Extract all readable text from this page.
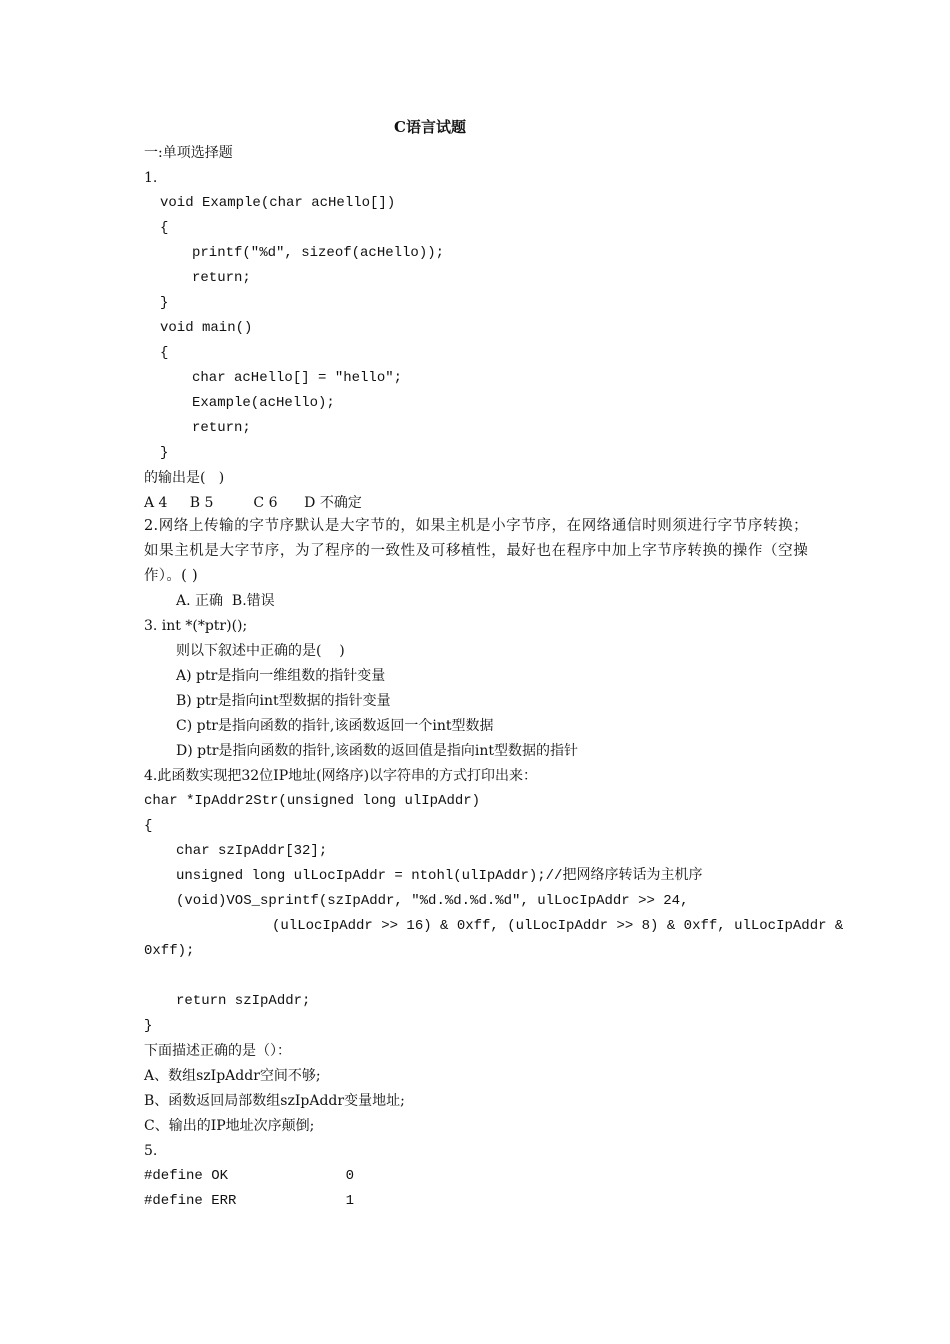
C语言试题
一:单项选择题
1.
void Example(char acHello[])
{
printf("%d", sizeof(acHello));
return;
}
void main()
{
char acHello[] = "hello";
Example(acHello);
return;
}
的输出是(   )
A 4     B 5         C 6      D 不确定
2.网络上传输的字节序默认是大字节的，如果主机是小字节序，在网络通信时则须进行字节序转换；如果主机是大字节序，为了程序的一致性及可移植性，最好也在程序中加上字节序转换的操作（空操作）。( )
A. 正确  B.错误
3. int *(*ptr)();
则以下叙述中正确的是(    )
A) ptr是指向一维组数的指针变量
B) ptr是指向int型数据的指针变量
C) ptr是指向函数的指针,该函数返回一个int型数据
D) ptr是指向函数的指针,该函数的返回值是指向int型数据的指针
4.此函数实现把32位IP地址(网络序)以字符串的方式打印出来：
char *IpAddr2Str(unsigned long ulIpAddr)
{
char szIpAddr[32];
unsigned long ulLocIpAddr = ntohl(ulIpAddr);//把网络序转话为主机序
(void)VOS_sprintf(szIpAddr, "%d.%d.%d.%d", ulLocIpAddr >> 24,
(ulLocIpAddr >> 16) & 0xff, (ulLocIpAddr >> 8) & 0xff, ulLocIpAddr &
0xff);
return szIpAddr;
}
下面描述正确的是（）：
A、数组szIpAddr空间不够;
B、函数返回局部数组szIpAddr变量地址;
C、输出的IP地址次序颠倒;
5.
#define OK              0
#define ERR             1
